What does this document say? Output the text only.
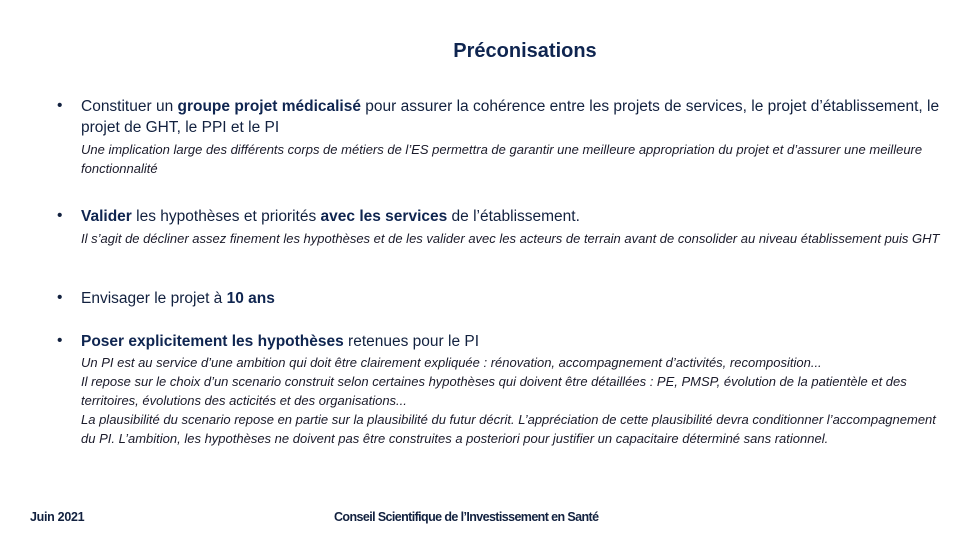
Préconisations
• Constituer un groupe projet médicalisé pour assurer la cohérence entre les projets de services, le projet d’établissement, le projet de GHT, le PPI et le PI
Une implication large des différents corps de métiers de l’ES permettra de garantir une meilleure appropriation du projet et d’assurer une meilleure fonctionnalité
• Valider les hypothèses et priorités avec les services de l’établissement.
Il s’agit de décliner assez finement les hypothèses et de les valider avec les acteurs de terrain avant de consolider au niveau établissement puis GHT
• Envisager le projet à 10 ans
• Poser explicitement les hypothèses retenues pour le PI
Un PI est au service d’une ambition qui doit être clairement expliquée : rénovation, accompagnement d’activités, recomposition...
Il repose sur le choix d’un scenario construit selon certaines hypothèses qui doivent être détaillées : PE, PMSP, évolution de la patientèle et des territoires, évolutions des acticités et des organisations...
La plausibilité du scenario repose en partie sur la plausibilité du futur décrit. L’appréciation de cette plausibilité devra conditionner l’accompagnement du PI. L’ambition, les hypothèses ne doivent pas être construites a posteriori pour justifier un capacitaire déterminé sans rationnel.
Juin 2021	Conseil Scientifique de l’Investissement en Santé
